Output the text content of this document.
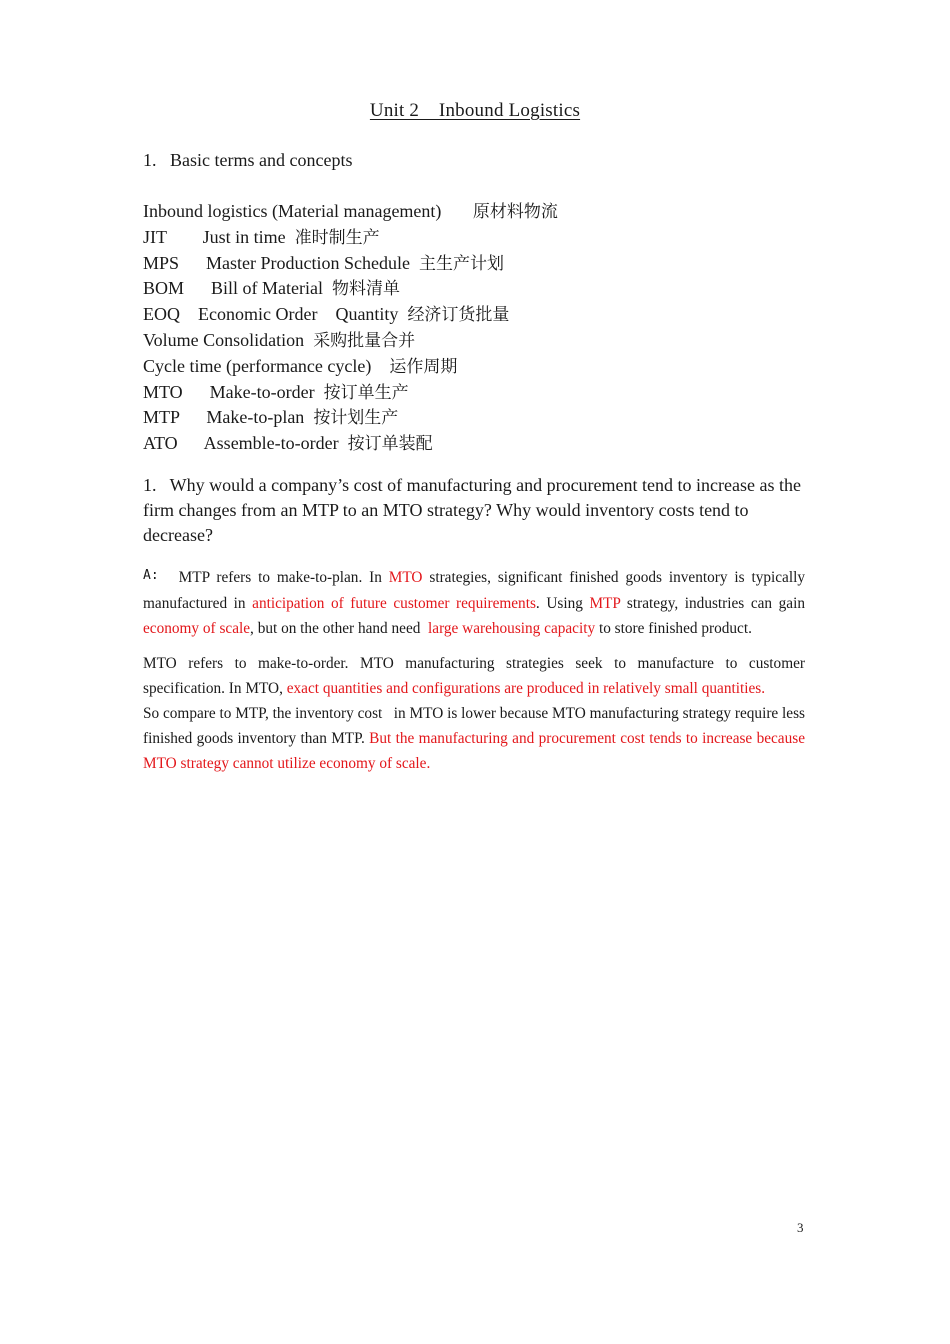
Unit 2    Inbound Logistics
1.   Basic terms and concepts
Inbound logistics (Material management) 原材料物流
JIT        Just in time 准时制生产
MPS      Master Production Schedule 主生产计划
BOM      Bill of Material 物料清单
EOQ    Economic Order    Quantity 经济订货批量
Volume Consolidation 采购批量合并
Cycle time (performance cycle) 运作周期
MTO      Make-to-order 按订单生产
MTP      Make-to-plan 按计划生产
ATO      Assemble-to-order 按订单装配
1.   Why would a company’s cost of manufacturing and procurement tend to increase as the firm changes from an MTP to an MTO strategy? Why would inventory costs tend to decrease?
A: MTP refers to make-to-plan. In MTO strategies, significant finished goods inventory is typically manufactured in anticipation of future customer requirements. Using MTP strategy, industries can gain economy of scale, but on the other hand need  large warehousing capacity to store finished product.
MTO refers to make-to-order. MTO manufacturing strategies seek to manufacture to customer specification. In MTO, exact quantities and configurations are produced in relatively small quantities.
So compare to MTP, the inventory cost   in MTO is lower because MTO manufacturing strategy require less finished goods inventory than MTP. But the manufacturing and procurement cost tends to increase because MTO strategy cannot utilize economy of scale.
3
